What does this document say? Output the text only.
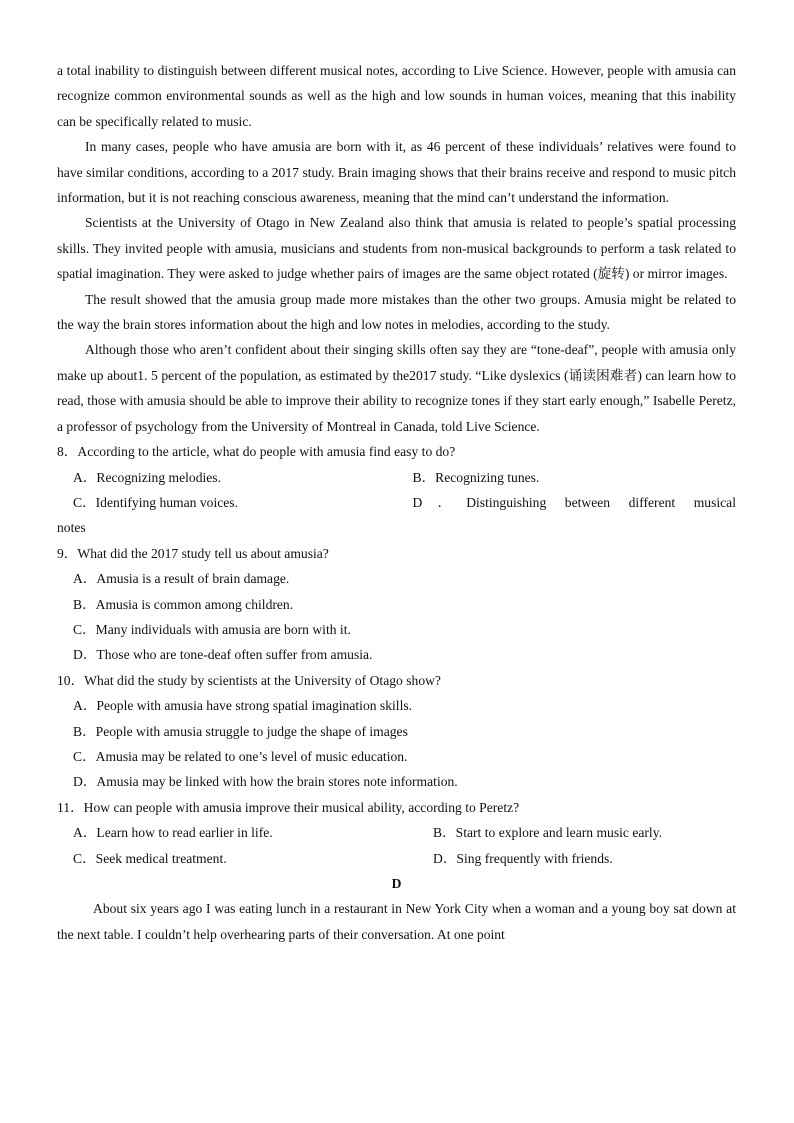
a total inability to distinguish between different musical notes, according to Live Science. However, people with amusia can recognize common environmental sounds as well as the high and low sounds in human voices, meaning that this inability can be specifically related to music.

In many cases, people who have amusia are born with it, as 46 percent of these individuals’ relatives were found to have similar conditions, according to a 2017 study. Brain imaging shows that their brains receive and respond to music pitch information, but it is not reaching conscious awareness, meaning that the mind can’t understand the information.

Scientists at the University of Otago in New Zealand also think that amusia is related to people’s spatial processing skills. They invited people with amusia, musicians and students from non-musical backgrounds to perform a task related to spatial imagination. They were asked to judge whether pairs of images are the same object rotated (旋转) or mirror images.

The result showed that the amusia group made more mistakes than the other two groups. Amusia might be related to the way the brain stores information about the high and low notes in melodies, according to the study.

Although those who aren’t confident about their singing skills often say they are “tone-deaf”, people with amusia only make up about1. 5 percent of the population, as estimated by the2017 study. “Like dyslexics (诵读困难者) can learn how to read, those with amusia should be able to improve their ability to recognize tones if they start early enough,” Isabelle Peretz, a professor of psychology from the University of Montreal in Canada, told Live Science.

8．According to the article, what do people with amusia find easy to do?
A．Recognizing melodies.	B．Recognizing tunes.
C．Identifying human voices.	D．Distinguishing between different musical
notes
9．What did the 2017 study tell us about amusia?
A．Amusia is a result of brain damage.
B．Amusia is common among children.
C．Many individuals with amusia are born with it.
D．Those who are tone-deaf often suffer from amusia.
10．What did the study by scientists at the University of Otago show?
A．People with amusia have strong spatial imagination skills.
B．People with amusia struggle to judge the shape of images
C．Amusia may be related to one’s level of music education.
D．Amusia may be linked with how the brain stores note information.
11．How can people with amusia improve their musical ability, according to Peretz?
A．Learn how to read earlier in life.	B．Start to explore and learn music early.
C．Seek medical treatment.	D．Sing frequently with friends.
D

About six years ago I was eating lunch in a restaurant in New York City when a woman and a young boy sat down at the next table. I couldn’t help overhearing parts of their conversation. At one point
